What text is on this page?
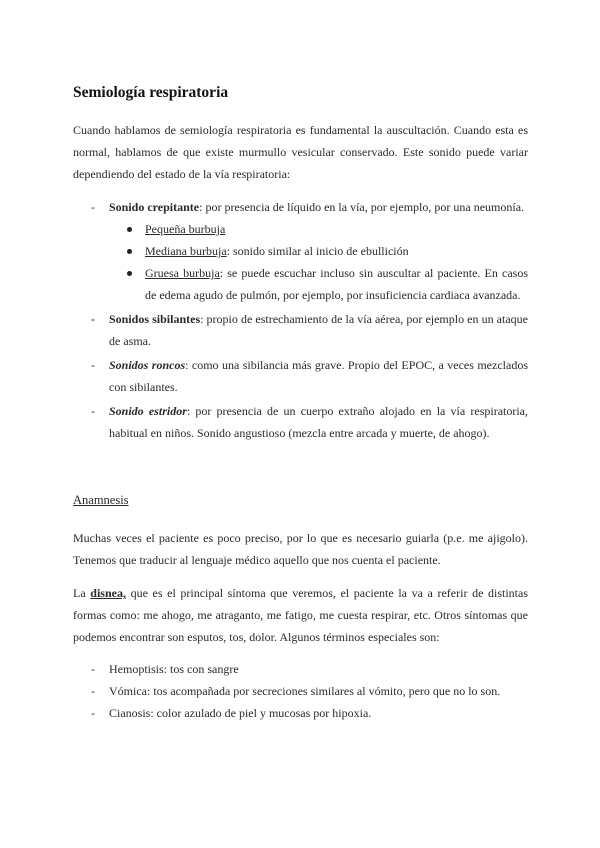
Semiología respiratoria

Cuando hablamos de semiología respiratoria es fundamental la auscultación. Cuando esta es normal, hablamos de que existe murmullo vesicular conservado. Este sonido puede variar dependiendo del estado de la vía respiratoria:

- Sonido crepitante: por presencia de líquido en la vía, por ejemplo, por una neumonía.
Pequeña burbuja
Mediana burbuja: sonido similar al inicio de ebullición
Gruesa burbuja: se puede escuchar incluso sin auscultar al paciente. En casos de edema agudo de pulmón, por ejemplo, por insuficiencia cardiaca avanzada.
- Sonidos sibilantes: propio de estrechamiento de la vía aérea, por ejemplo en un ataque de asma.
- Sonidos roncos: como una sibilancia más grave. Propio del EPOC, a veces mezclados con sibilantes.
- Sonido estridor: por presencia de un cuerpo extraño alojado en la vía respiratoria, habitual en niños. Sonido angustioso (mezcla entre arcada y muerte, de ahogo).

Anamnesis

Muchas veces el paciente es poco preciso, por lo que es necesario guiarla (p.e. me ajigolo). Tenemos que traducir al lenguaje médico aquello que nos cuenta el paciente.

La disnea, que es el principal síntoma que veremos, el paciente la va a referir de distintas formas como: me ahogo, me atraganto, me fatigo, me cuesta respirar, etc. Otros síntomas que podemos encontrar son esputos, tos, dolor. Algunos términos especiales son:

- Hemoptisis: tos con sangre
- Vómica: tos acompañada por secreciones similares al vómito, pero que no lo son.
- Cianosis: color azulado de piel y mucosas por hipoxia.
